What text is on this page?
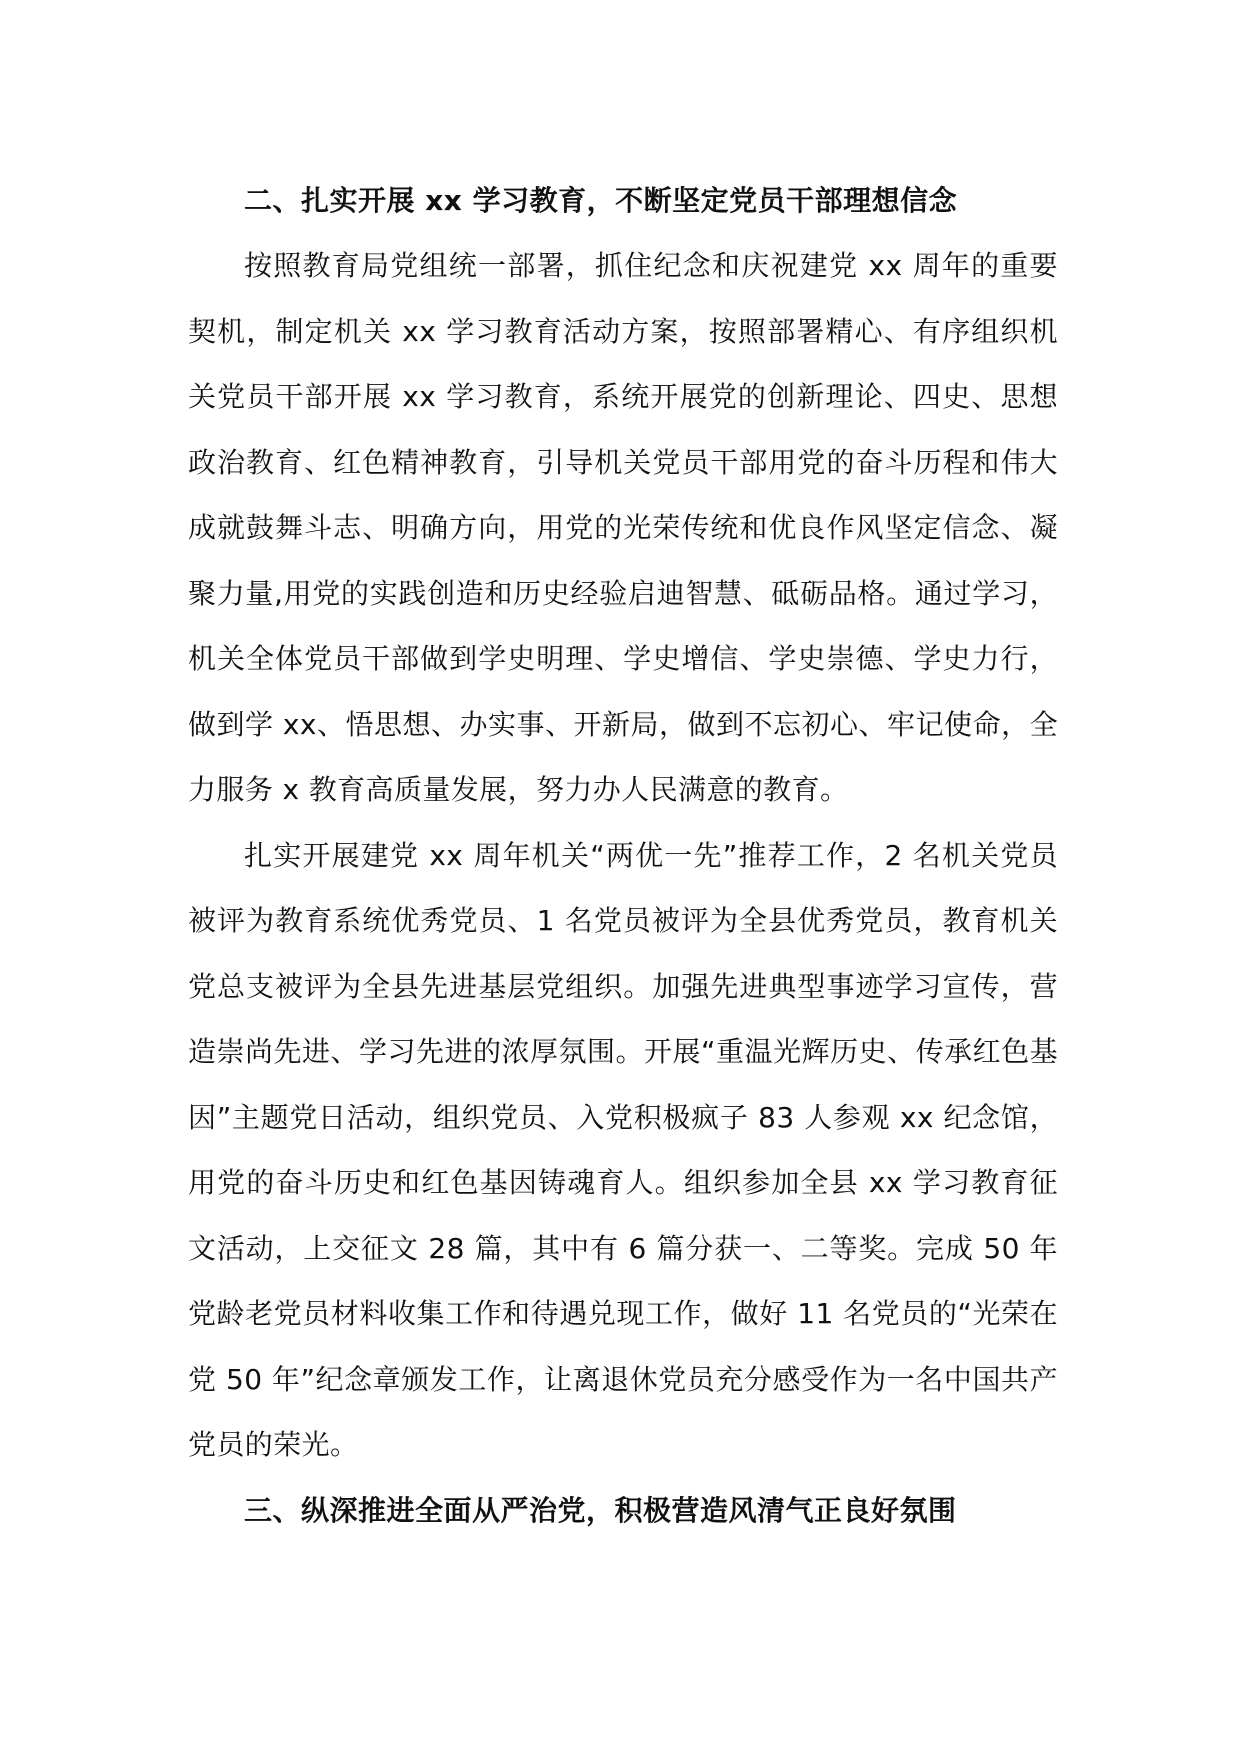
二、扎实开展 xx 学习教育，不断坚定党员干部理想信念

按照教育局党组统一部署，抓住纪念和庆祝建党 xx 周年的重要契机，制定机关 xx 学习教育活动方案，按照部署精心、有序组织机关党员干部开展 xx 学习教育，系统开展党的创新理论、四史、思想政治教育、红色精神教育，引导机关党员干部用党的奋斗历程和伟大成就鼓舞斗志、明确方向，用党的光荣传统和优良作风坚定信念、凝聚力量,用党的实践创造和历史经验启迪智慧、砥砺品格。通过学习，机关全体党员干部做到学史明理、学史增信、学史崇德、学史力行，做到学 xx、悟思想、办实事、开新局，做到不忘初心、牢记使命，全力服务 x 教育高质量发展，努力办人民满意的教育。

扎实开展建党 xx 周年机关“两优一先”推荐工作，2 名机关党员被评为教育系统优秀党员、1 名党员被评为全县优秀党员，教育机关党总支被评为全县先进基层党组织。加强先进典型事迹学习宣传，营造崇尚先进、学习先进的浓厚氛围。开展“重温光辉历史、传承红色基因”主题党日活动，组织党员、入党积极疯子 83 人参观 xx 纪念馆，用党的奋斗历史和红色基因铸魂育人。组织参加全县 xx 学习教育征文活动，上交征文 28 篇，其中有 6 篇分获一、二等奖。完成 50 年党龄老党员材料收集工作和待遇兑现工作，做好 11 名党员的“光荣在党 50 年”纪念章颁发工作，让离退休党员充分感受作为一名中国共产党员的荣光。

三、纵深推进全面从严治党，积极营造风清气正良好氛围
